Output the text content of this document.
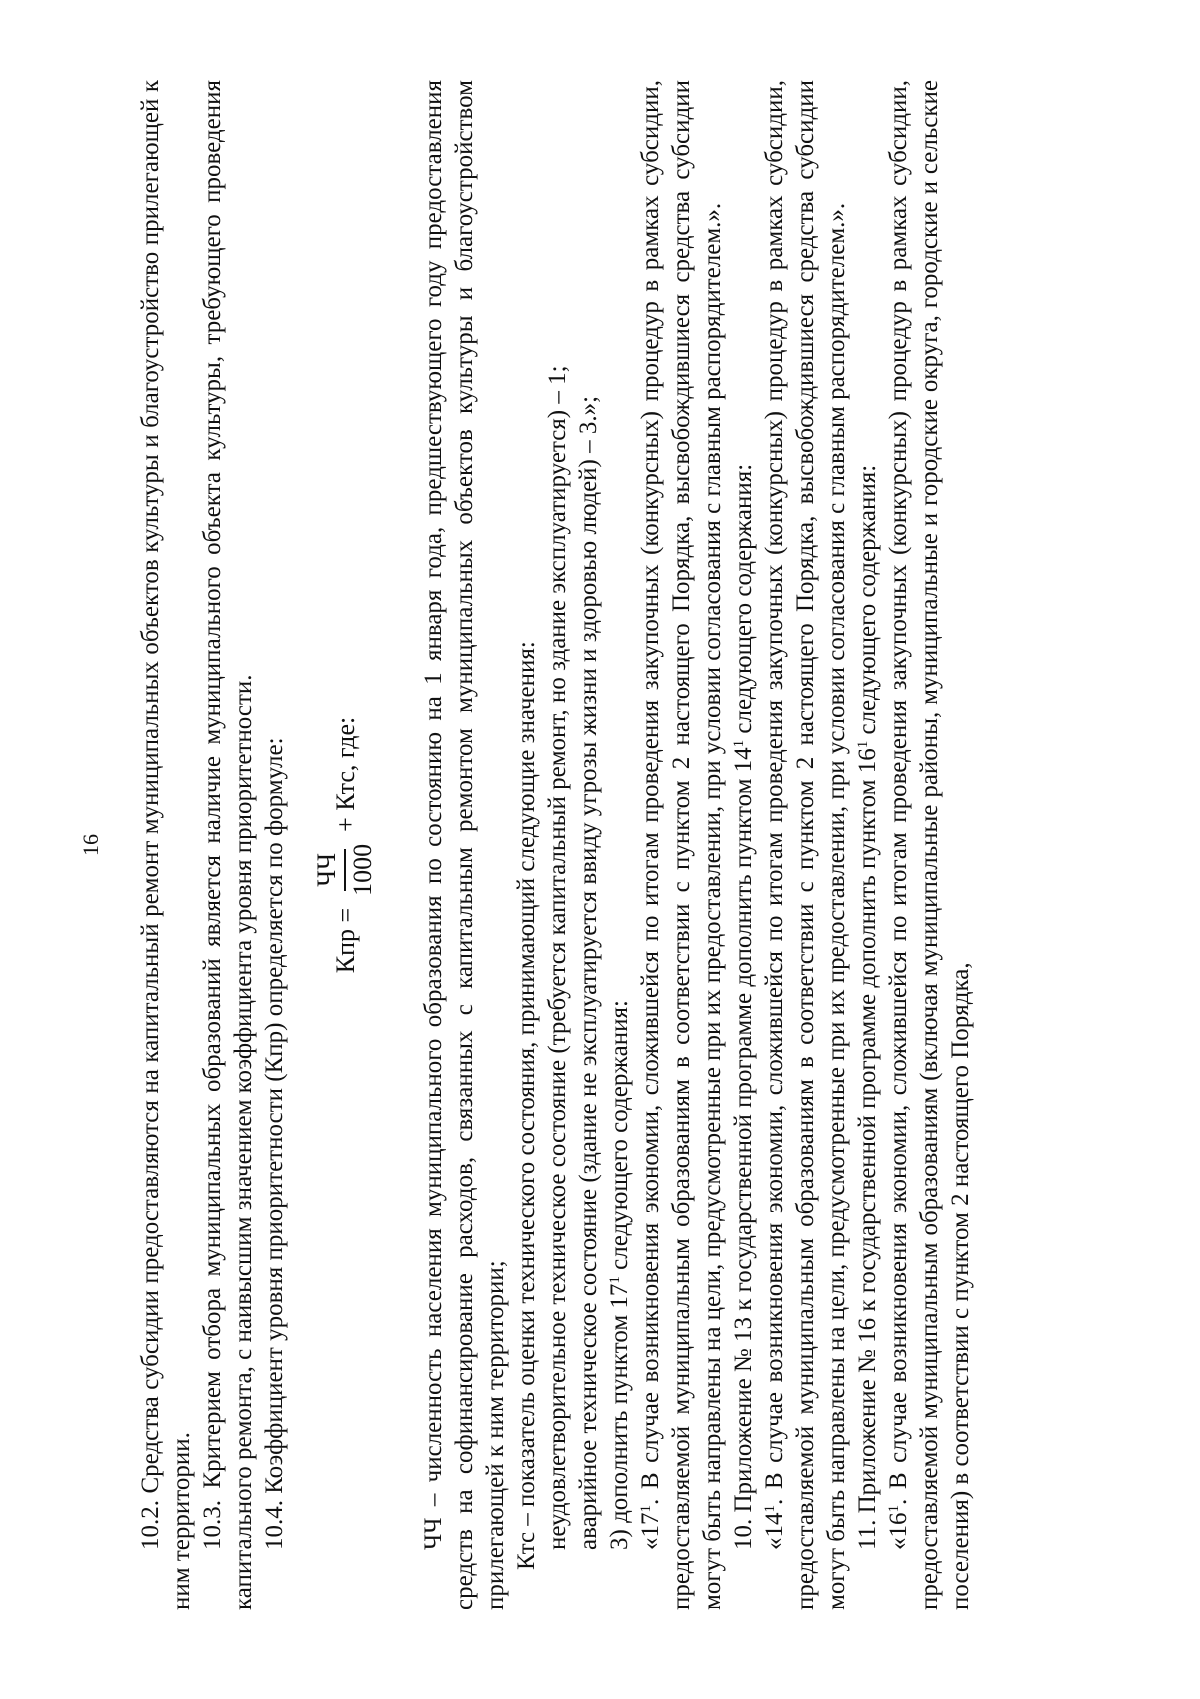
16 10.2. Средства субсидии предоставляются на капитальный ремонт муниципальных объектов культуры и благоустройство прилегающей к ним территории. 10.3. Критерием отбора муниципальных образований является наличие муниципального объекта культуры, требующего проведения капитального ремонта, с наивысшим значением коэффициента уровня приоритетности. 10.4. Коэффициент уровня приоритетности (Кпр) определяется по формуле: Кпр =
ЧЧ 1000
+ Ктс, где: ЧЧ – численность населения муниципального образования по состоянию на 1 января года, предшествующего году предоставления средств на софинансирование расходов, связанных с капитальным ремонтом муниципальных объектов культуры и благоустройством прилегающей к ним территории; Ктс – показатель оценки технического состояния, принимающий следующие значения: неудовлетворительное техническое состояние (требуется капитальный ремонт, но здание эксплуатируется) – 1; аварийное техническое состояние (здание не эксплуатируется ввиду угрозы жизни и здоровью людей) – 3.»; 3) дополнить пунктом $17^1$ следующего содержания:

«$17^1$. В случае возникновения экономии, сложившейся по итогам проведения закупочных (конкурсных) процедур в рамках субсидии, предоставляемой муниципальным образованиям в соответствии с пунктом 2 настоящего Порядка, высвобождившиеся средства субсидии могут быть направлены на цели, предусмотренные при их предоставлении, при условии согласования с главным распорядителем.». 10. Приложение № 13 к государственной программе дополнить пунктом $14^1$ следующего содержания:

«$14^1$. В случае возникновения экономии, сложившейся по итогам проведения закупочных (конкурсных) процедур в рамках субсидии, предоставляемой муниципальным образованиям в соответствии с пунктом 2 настоящего Порядка, высвобождившиеся средства субсидии могут быть направлены на цели, предусмотренные при их предоставлении, при условии согласования с главным распорядителем.». 11. Приложение № 16 к государственной программе дополнить пунктом $16^1$ следующего содержания:

«$16^1$. В случае возникновения экономии, сложившейся по итогам проведения закупочных (конкурсных) процедур в рамках субсидии, предоставляемой муниципальным образованиям (включая муниципальные районы, муниципальные и городские округа, городские и сельские поселения) в соответствии с пунктом 2 настоящего Порядка,
